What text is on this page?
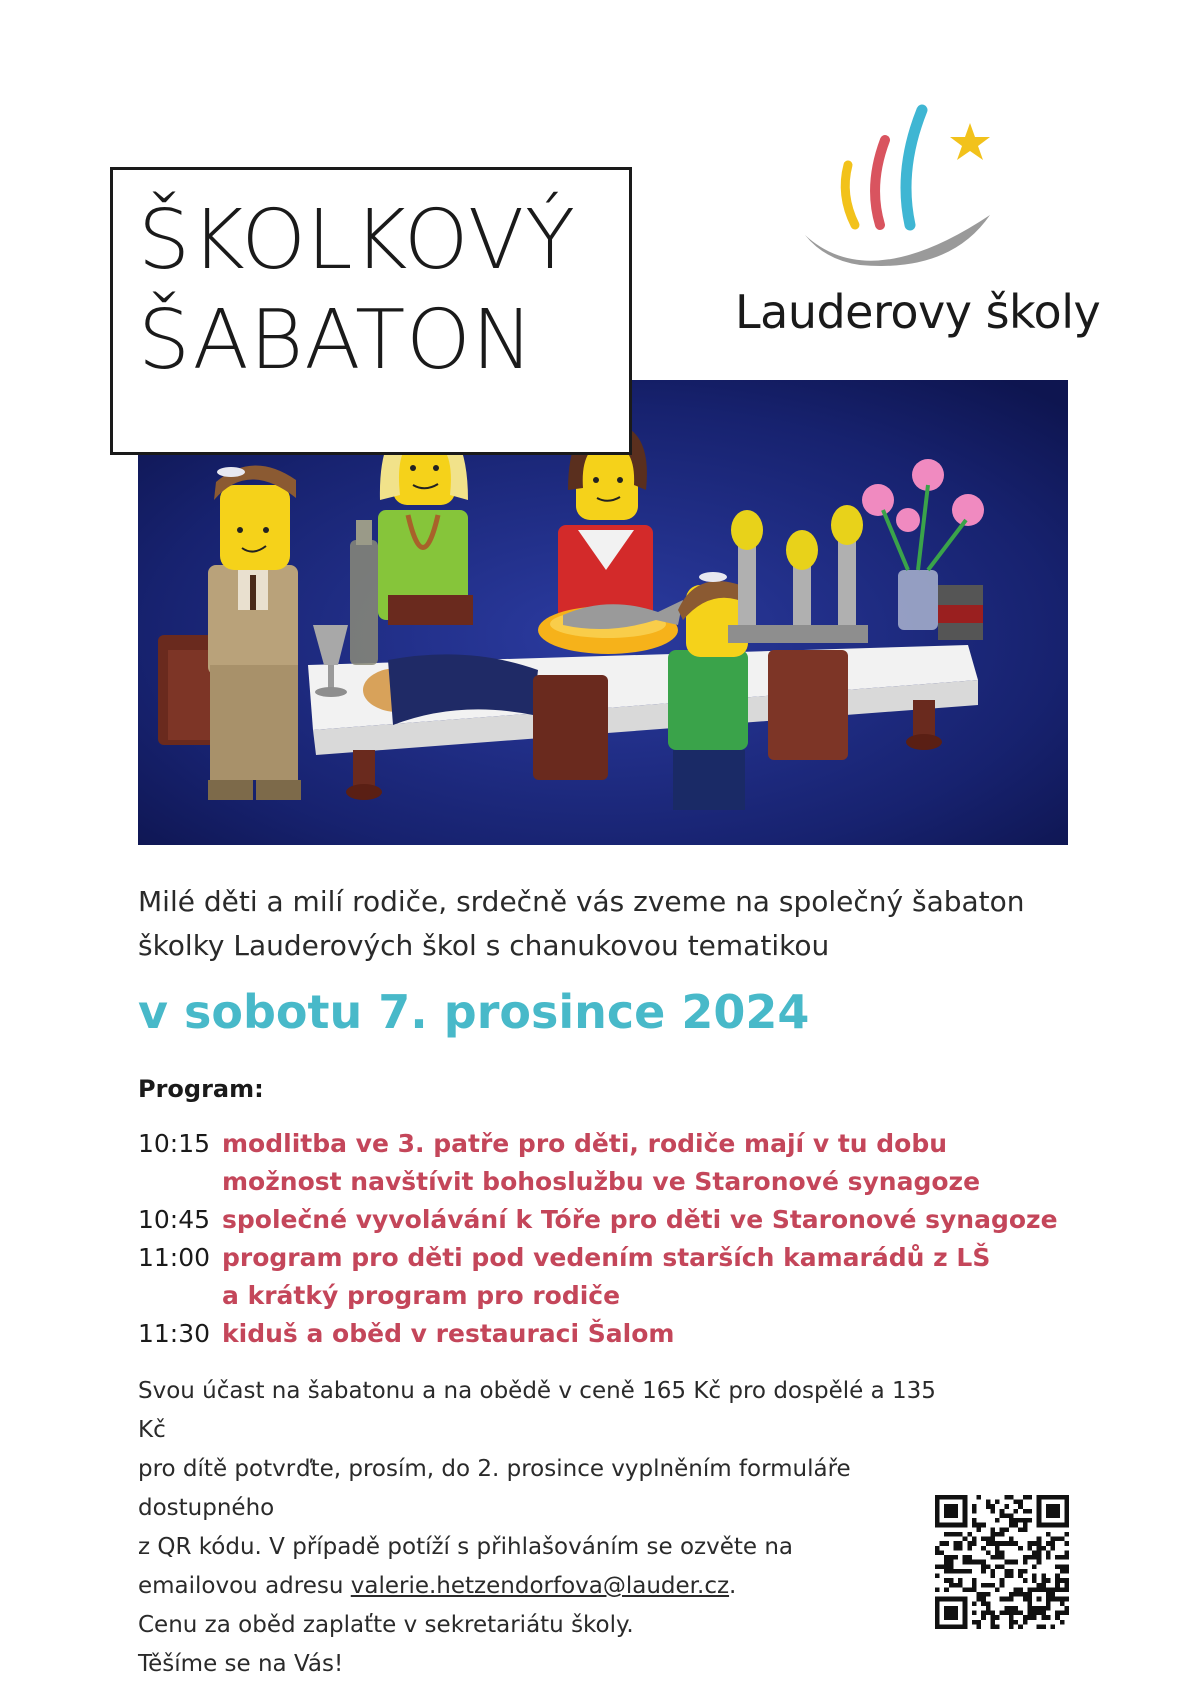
ŠKOLKOVÝ
ŠABATON	Lauderovy školy
Milé děti a milí rodiče, srdečně vás zveme na společný šabaton
školky Lauderových škol s chanukovou tematikou
v sobotu 7. prosince 2024
Program:
10:15 modlitba ve 3. patře pro děti, rodiče mají v tu dobu
možnost navštívit bohoslužbu ve Staronové synagoze
10:45 společné vyvolávání k Tóře pro děti ve Staronové synagoze
11:00 program pro děti pod vedením starších kamarádů z LŠ
a krátký program pro rodiče
11:30 kiduš a oběd v restauraci Šalom
Svou účast na šabatonu a na obědě v ceně 165 Kč pro dospělé a 135 Kč
pro dítě potvrďte, prosím, do 2. prosince vyplněním formuláře dostupného
z QR kódu. V případě potíží s přihlašováním se ozvěte na
emailovou adresu valerie.hetzendorfova@lauder.cz.
Cenu za oběd zaplaťte v sekretariátu školy.
Těšíme se na Vás!
